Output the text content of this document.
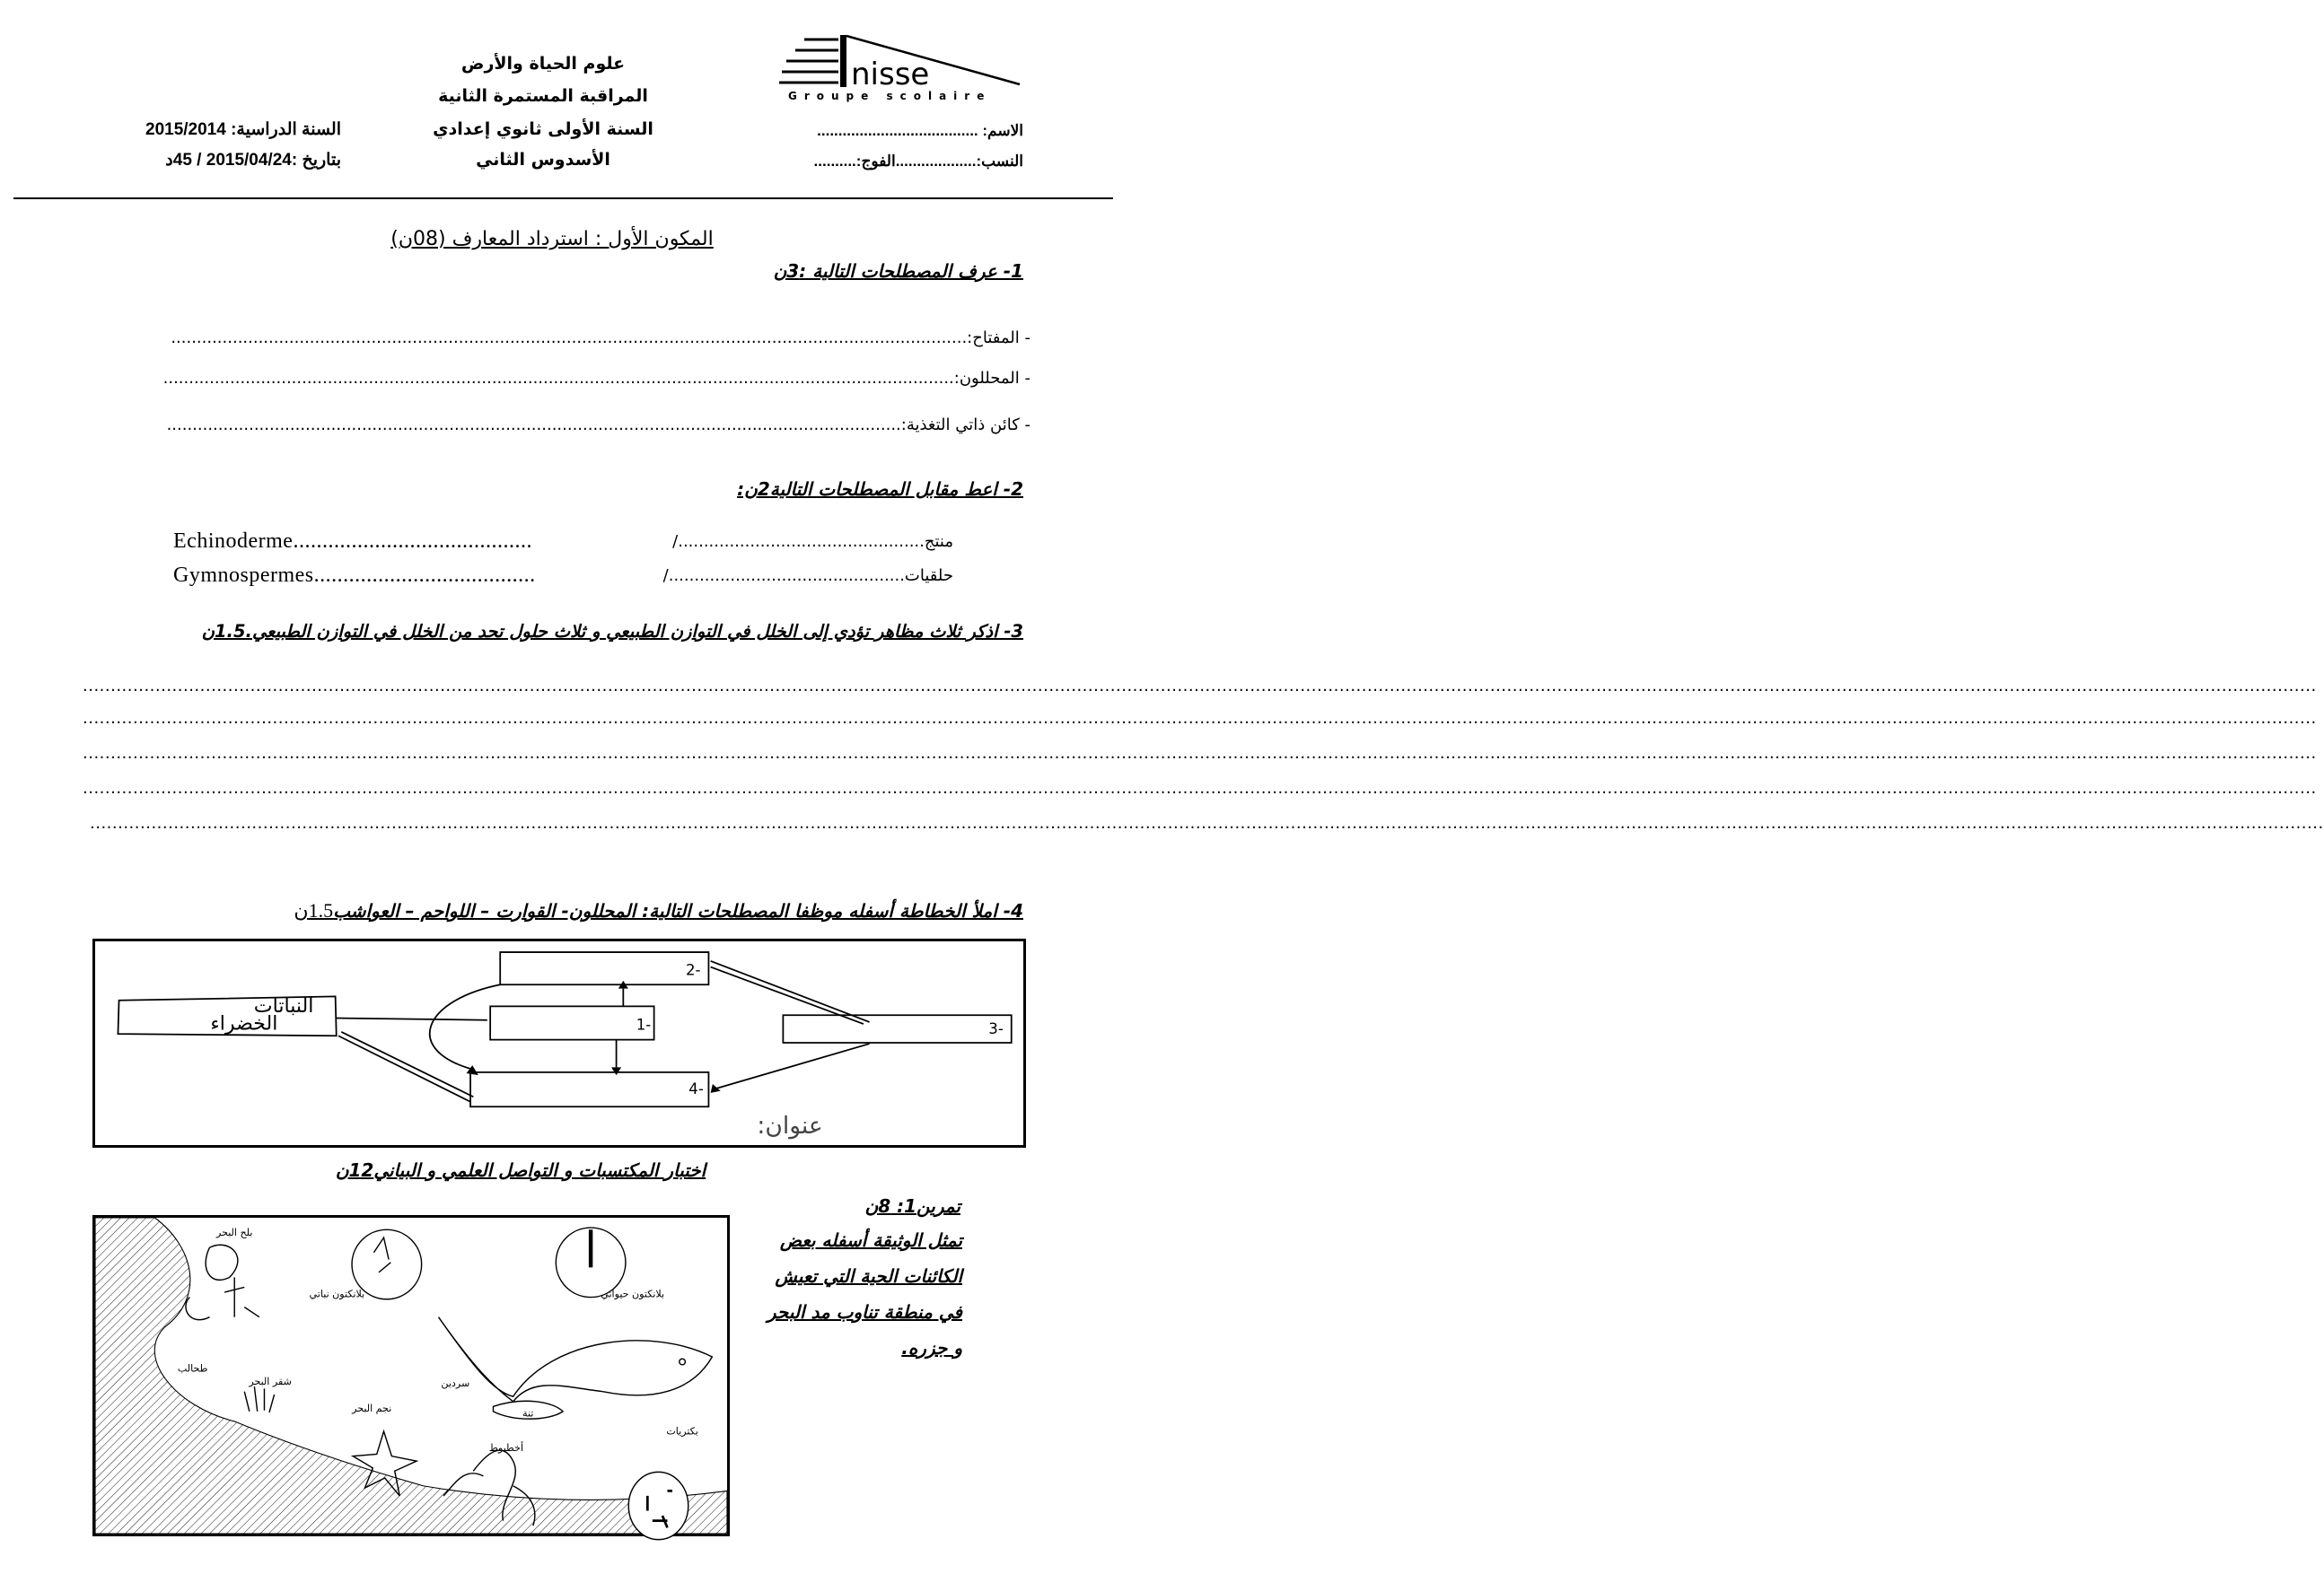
nisse
Groupe scolaire
علوم الحياة والأرض
المراقبة المستمرة الثانية
السنة الأولى ثانوي إعدادي
الأسدوس الثاني
السنة الدراسية: 2015/2014
بتاريخ :2015/04/24 / 45د
الاسم: ......................................
النسب:...................الفوج:..........
المكون الأول : استرداد المعارف (08ن)
1- عرف المصطلحات التالية :3ن
- المفتاح:...........................................................................................................................................................
- المحللون:..........................................................................................................................................................
- كائن ذاتي التغذية:...............................................................................................................................................
2- اعط مقابل المصطلحات التالية2ن:
منتج................................................/
Echinoderme.........................................
حلقيات............................................../
Gymnospermes......................................
3- اذكر ثلاث مظاهر تؤدي إلى الخلل في التوازن الطبيعي و ثلاث حلول تحد من الخلل في التوازن الطبيعي.1.5ن
................................................................................................................................................................................................................................................................................................................................................................................................................
................................................................................................................................................................................................................................................................................................................................................................................................................
................................................................................................................................................................................................................................................................................................................................................................................................................
................................................................................................................................................................................................................................................................................................................................................................................................................
................................................................................................................................................................................................................................................................................................................................................................................................................
4- املأ الخطاطة أسفله موظفا المصطلحات التالية: المحللون- القوارت – اللواحم – العواشب1.5ن
النباتات
الخضراء	1-
2-
3-
4-
عنوان:
اختبار المكتسبات و التواصل العلمي و البياني12ن
تمرين1: 8ن
تمثل الوثيقة أسفله بعض
الكائنات الحية التي تعيش
في منطقة تناوب مد البحر
و جزره.
بلح البحر
بلانكتون نباتي	بلانكتون حيواني
طحالب
شقر البحر
نجم البحر
سردين
تنة
أخطبوط
بكتريات
